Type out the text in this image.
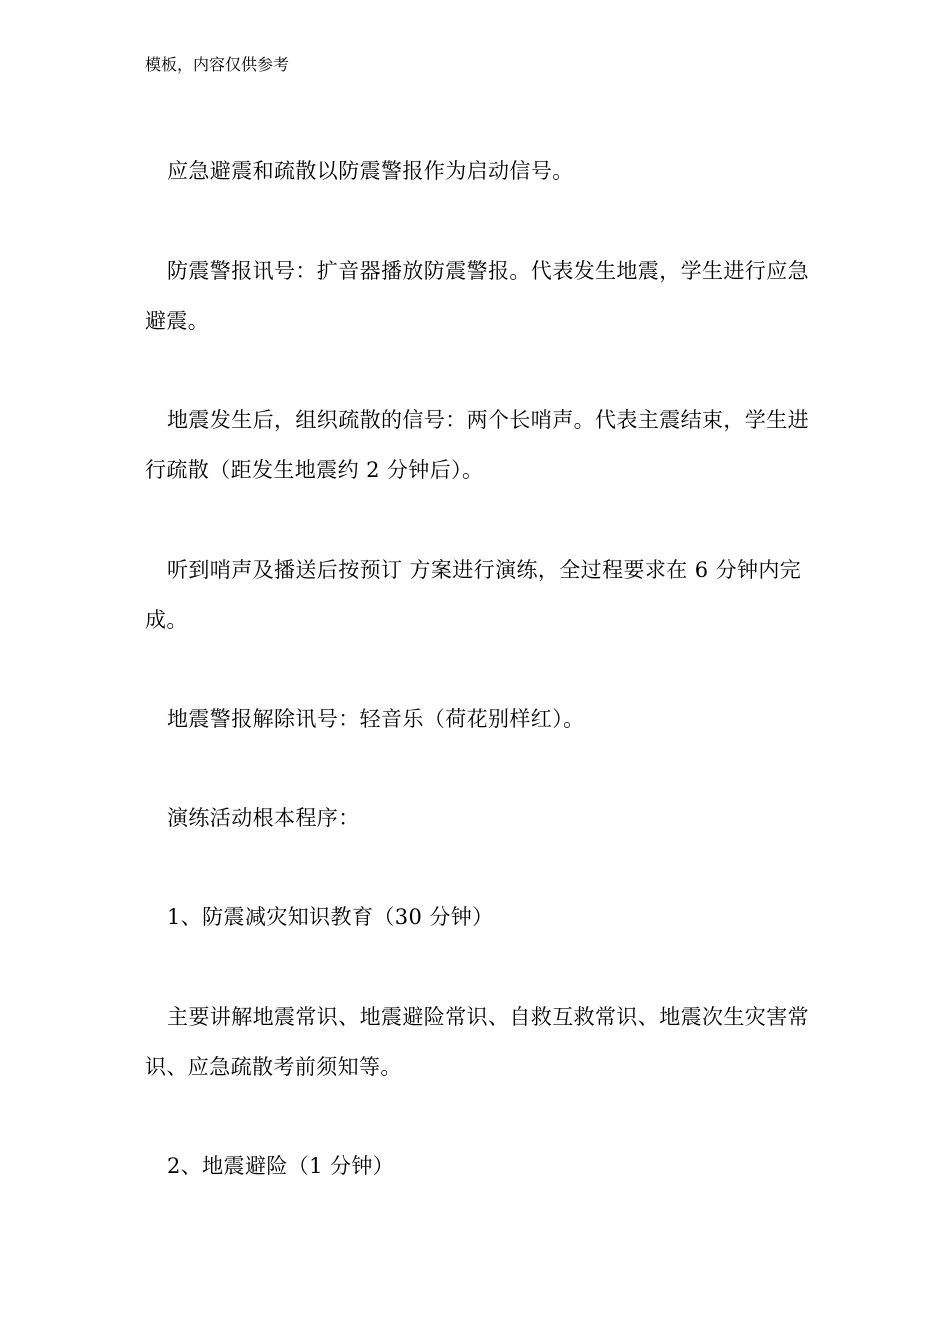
模板，内容仅供参考

应急避震和疏散以防震警报作为启动信号。

防震警报讯号：扩音器播放防震警报。代表发生地震，学生进行应急避震。

地震发生后，组织疏散的信号：两个长哨声。代表主震结束，学生进行疏散（距发生地震约 2 分钟后）。

听到哨声及播送后按预订 方案进行演练，全过程要求在 6 分钟内完成。

地震警报解除讯号：轻音乐（荷花别样红）。

演练活动根本程序：

1、防震减灾知识教育（30 分钟）

主要讲解地震常识、地震避险常识、自救互救常识、地震次生灾害常识、应急疏散考前须知等。

2、地震避险（1 分钟）
